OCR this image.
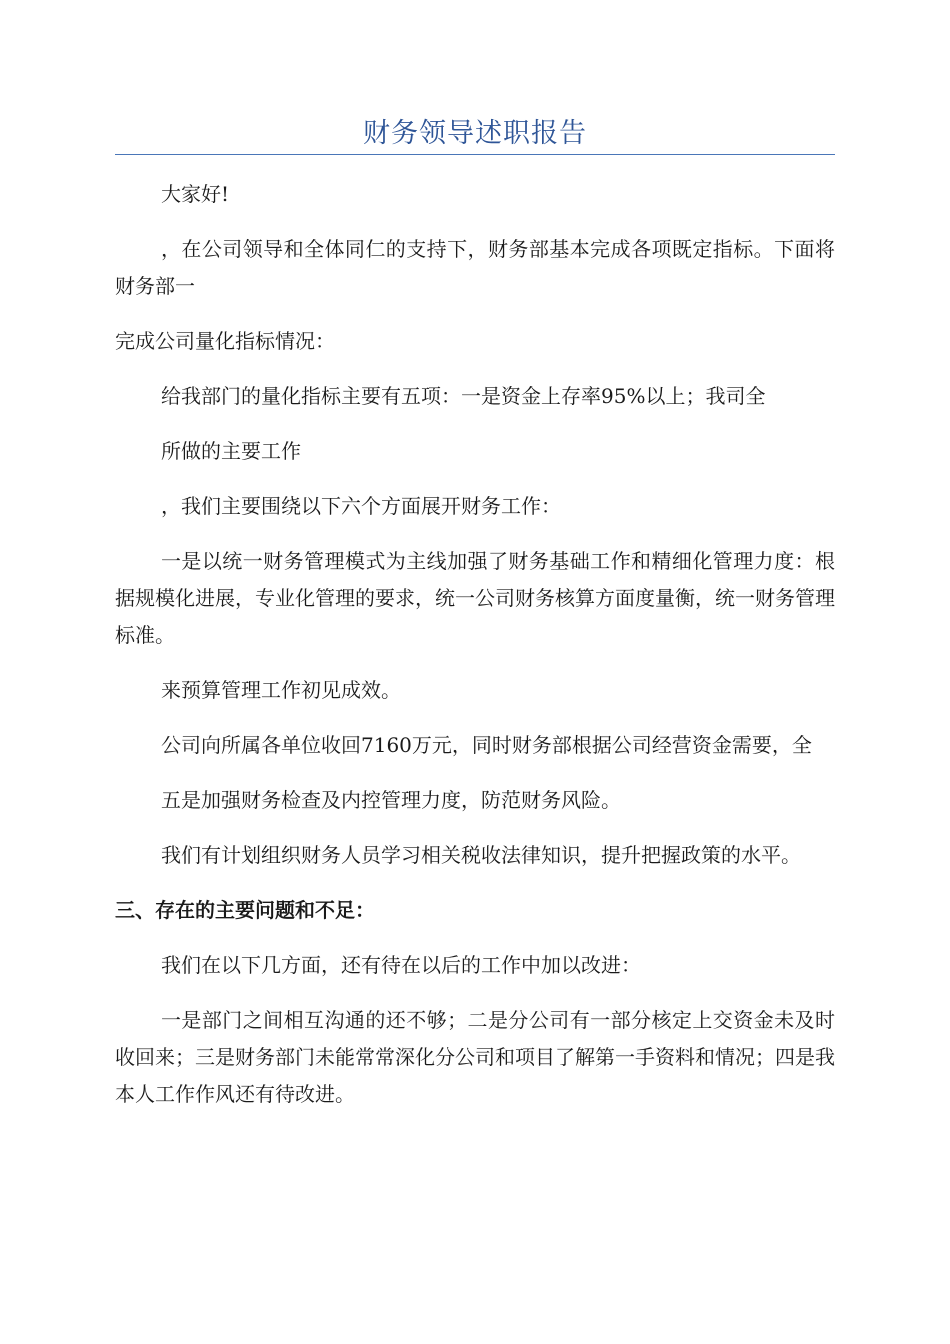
财务领导述职报告

大家好!

，在公司领导和全体同仁的支持下，财务部基本完成各项既定指标。下面将财务部一

完成公司量化指标情况：

给我部门的量化指标主要有五项：一是资金上存率95%以上；我司全

所做的主要工作

，我们主要围绕以下六个方面展开财务工作：

一是以统一财务管理模式为主线加强了财务基础工作和精细化管理力度：根据规模化进展，专业化管理的要求，统一公司财务核算方面度量衡，统一财务管理标准。

来预算管理工作初见成效。

公司向所属各单位收回7160万元，同时财务部根据公司经营资金需要，全

五是加强财务检查及内控管理力度，防范财务风险。

我们有计划组织财务人员学习相关税收法律知识，提升把握政策的水平。

三、存在的主要问题和不足：

我们在以下几方面，还有待在以后的工作中加以改进：

一是部门之间相互沟通的还不够；二是分公司有一部分核定上交资金未及时收回来；三是财务部门未能常常深化分公司和项目了解第一手资料和情况；四是我本人工作作风还有待改进。
